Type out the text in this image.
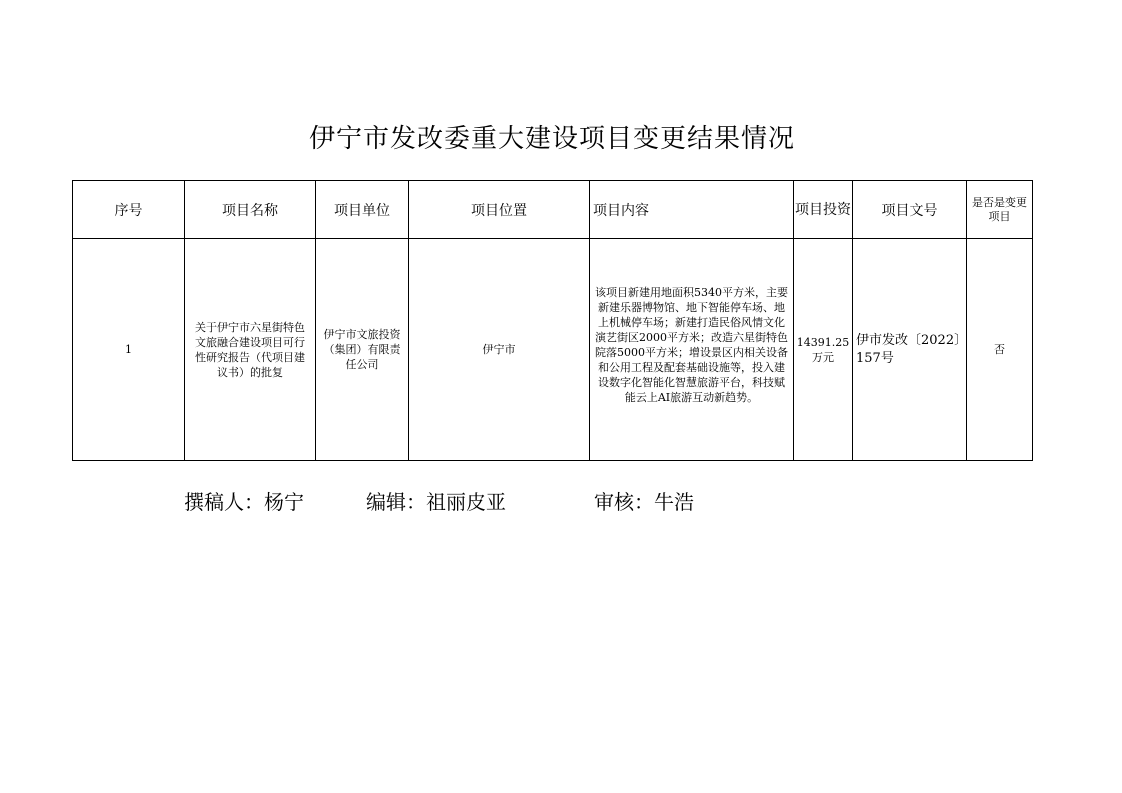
伊宁市发改委重大建设项目变更结果情况
序号	项目名称	项目单位	项目位置	项目内容	项目投资	项目文号	是否是变更项目
1	关于伊宁市六星街特色文旅融合建设项目可行性研究报告（代项目建议书）的批复	伊宁市文旅投资（集团）有限责任公司	伊宁市	该项目新建用地面积5340平方米，主要新建乐器博物馆、地下智能停车场、地上机械停车场；新建打造民俗风情文化演艺街区2000平方米；改造六星街特色院落5000平方米；增设景区内相关设备和公用工程及配套基础设施等，投入建设数字化智能化智慧旅游平台，科技赋能云上AI旅游互动新趋势。	14391.25万元	伊市发改〔2022〕157号	否
撰稿人：杨宁	编辑：祖丽皮亚	审核：牛浩
